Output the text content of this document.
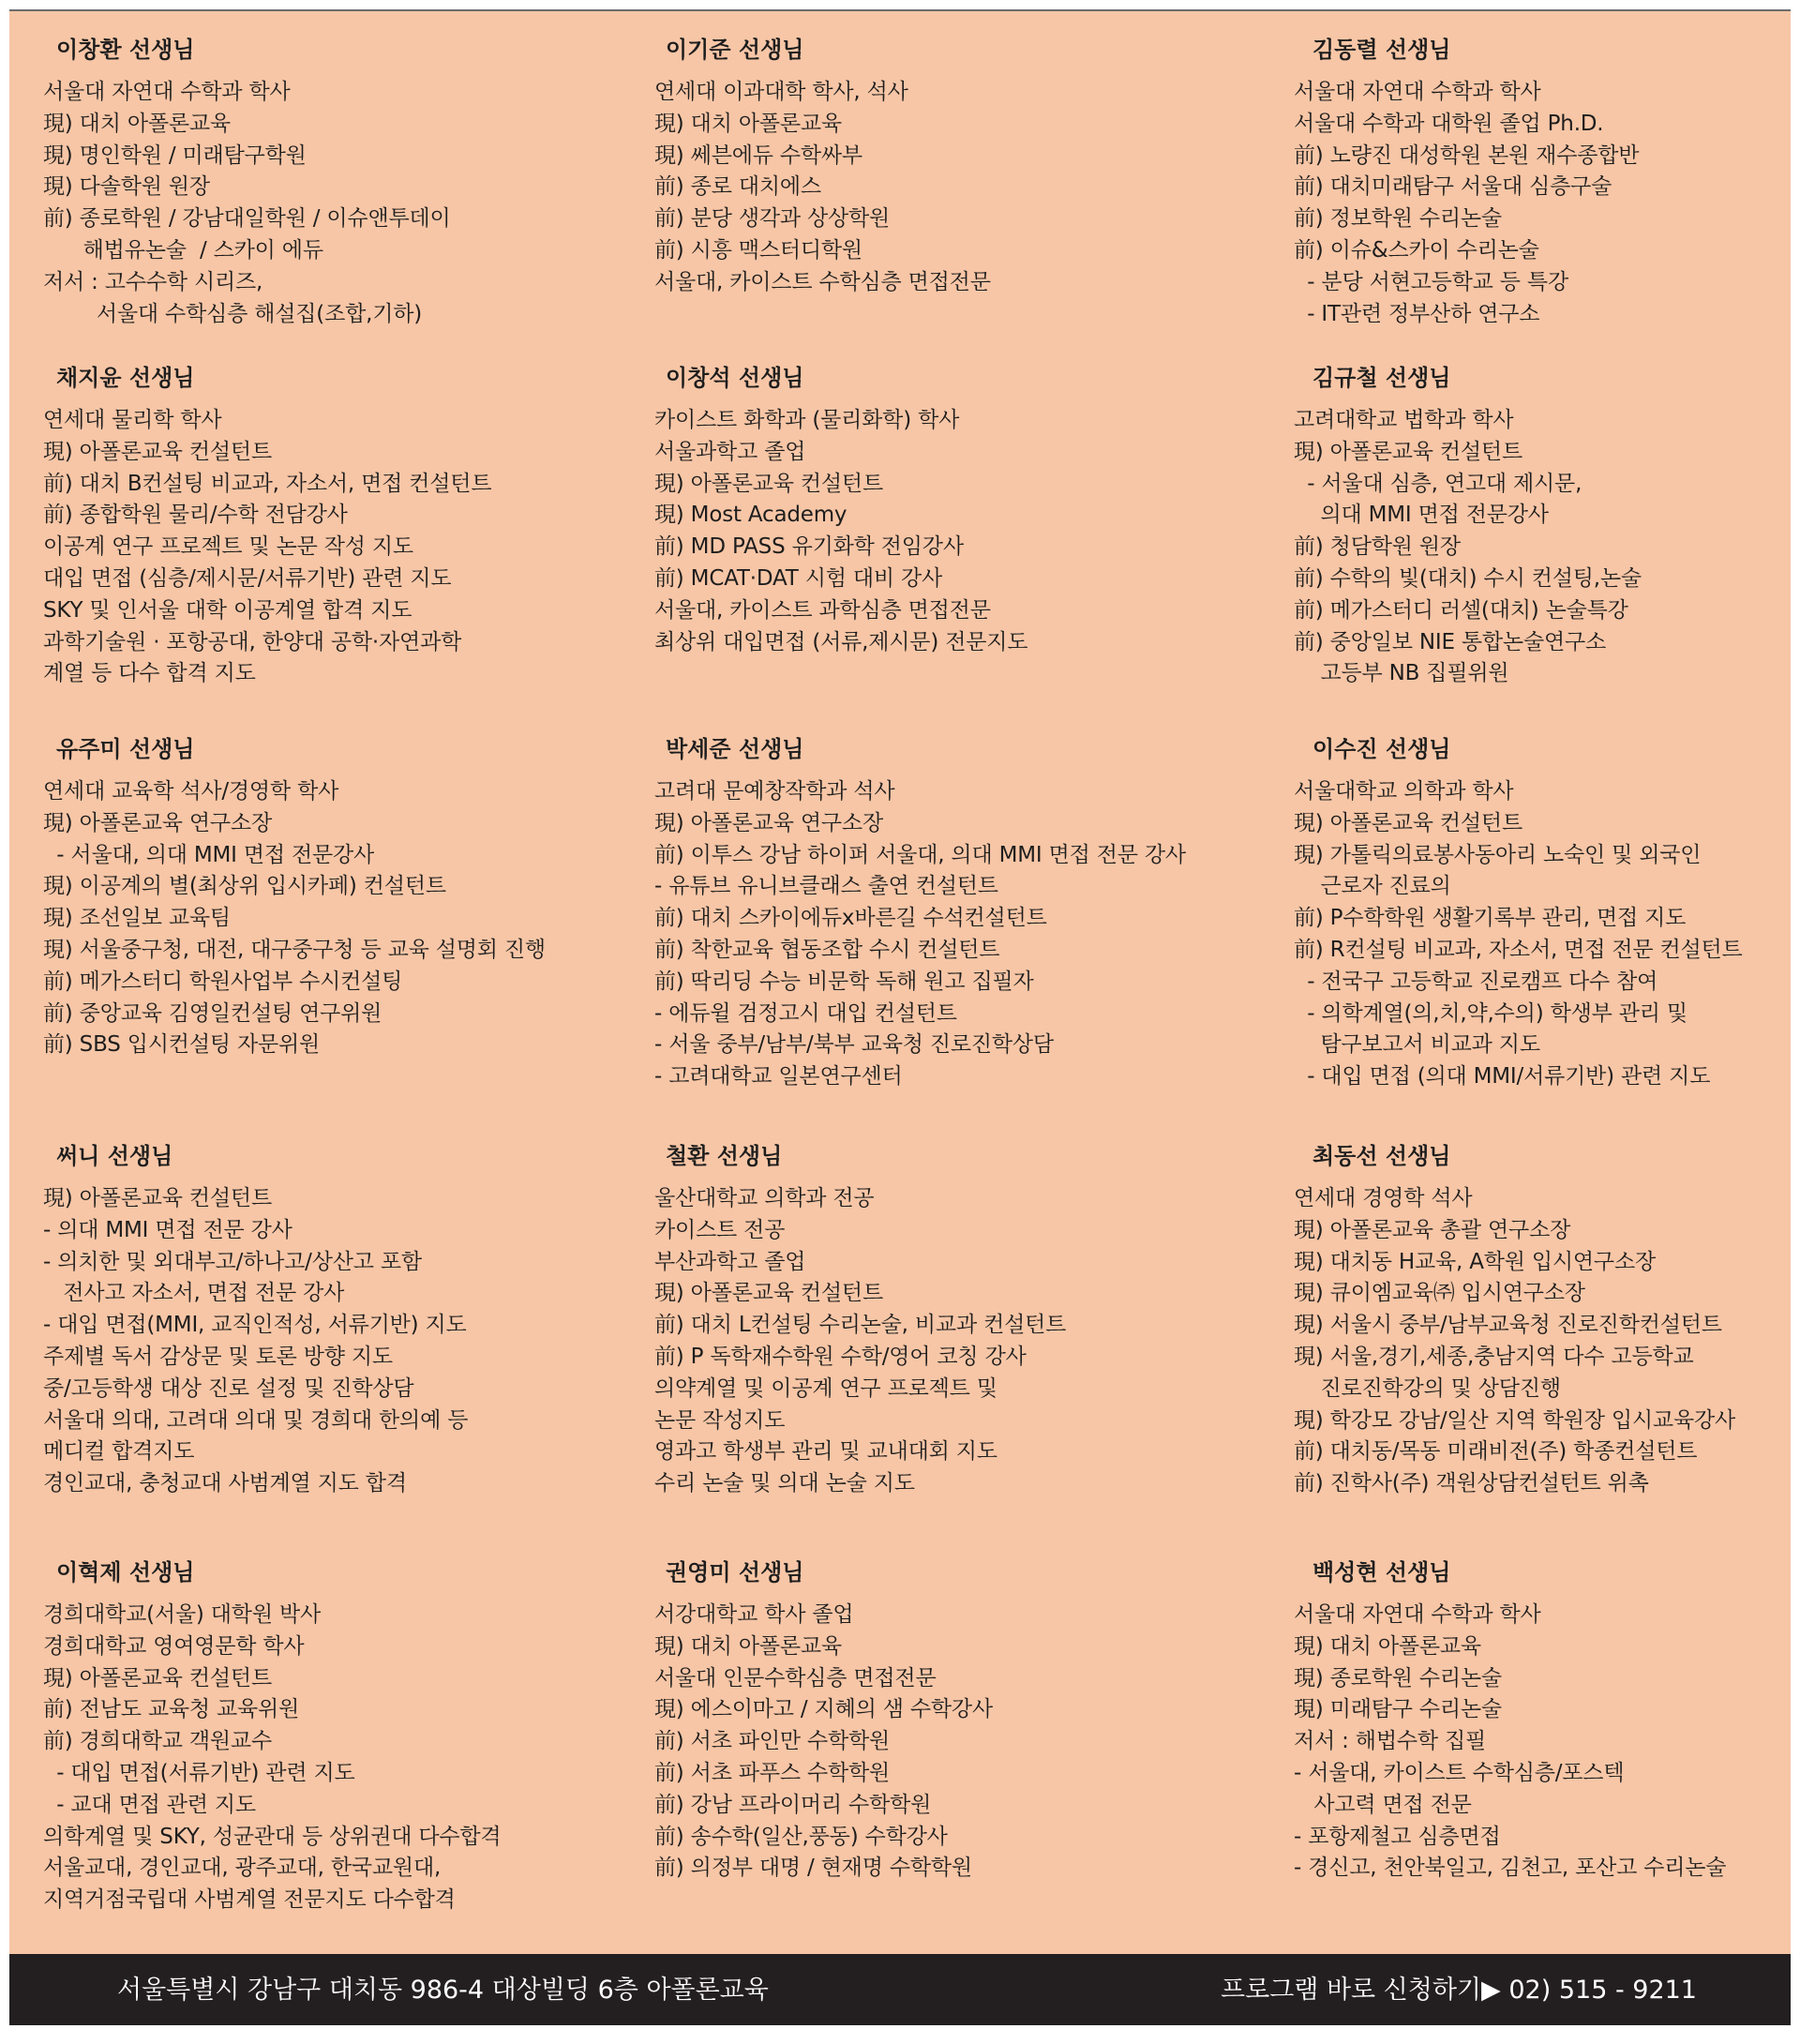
이창환 선생님
서울대 자연대 수학과 학사
現) 대치 아폴론교육
現) 명인학원 / 미래탐구학원
現) 다솔학원 원장
前) 종로학원 / 강남대일학원 / 이슈앤투데이
해법유논술  / 스카이 에듀
저서 : 고수수학 시리즈,
서울대 수학심층 해설집(조합,기하)
이기준 선생님
연세대 이과대학 학사, 석사
現) 대치 아폴론교육
現) 쎄븐에듀 수학싸부
前) 종로 대치에스
前) 분당 생각과 상상학원
前) 시흥 맥스터디학원
서울대, 카이스트 수학심층 면접전문
김동렬 선생님
서울대 자연대 수학과 학사
서울대 수학과 대학원 졸업 Ph.D.
前) 노량진 대성학원 본원 재수종합반
前) 대치미래탐구 서울대 심층구술
前) 정보학원 수리논술
前) 이슈&스카이 수리논술
- 분당 서현고등학교 등 특강
- IT관련 정부산하 연구소
채지윤 선생님
연세대 물리학 학사
現) 아폴론교육 컨설턴트
前) 대치 B컨설팅 비교과, 자소서, 면접 컨설턴트
前) 종합학원 물리/수학 전담강사
이공계 연구 프로젝트 및 논문 작성 지도
대입 면접 (심층/제시문/서류기반) 관련 지도
SKY 및 인서울 대학 이공계열 합격 지도
과학기술원 · 포항공대, 한양대 공학·자연과학
계열 등 다수 합격 지도
이창석 선생님
카이스트 화학과 (물리화학) 학사
서울과학고 졸업
現) 아폴론교육 컨설턴트
現) Most Academy
前) MD PASS 유기화학 전임강사
前) MCAT·DAT 시험 대비 강사
서울대, 카이스트 과학심층 면접전문
최상위 대입면접 (서류,제시문) 전문지도
김규철 선생님
고려대학교 법학과 학사
現) 아폴론교육 컨설턴트
- 서울대 심층, 연고대 제시문,
의대 MMI 면접 전문강사
前) 청담학원 원장
前) 수학의 빛(대치) 수시 컨설팅,논술
前) 메가스터디 러셀(대치) 논술특강
前) 중앙일보 NIE 통합논술연구소
고등부 NB 집필위원
유주미 선생님
연세대 교육학 석사/경영학 학사
現) 아폴론교육 연구소장
- 서울대, 의대 MMI 면접 전문강사
現) 이공계의 별(최상위 입시카페) 컨설턴트
現) 조선일보 교육팀
現) 서울중구청, 대전, 대구중구청 등 교육 설명회 진행
前) 메가스터디 학원사업부 수시컨설팅
前) 중앙교육 김영일컨설팅 연구위원
前) SBS 입시컨설팅 자문위원
박세준 선생님
고려대 문예창작학과 석사
現) 아폴론교육 연구소장
前) 이투스 강남 하이퍼 서울대, 의대 MMI 면접 전문 강사
- 유튜브 유니브클래스 출연 컨설턴트
前) 대치 스카이에듀x바른길 수석컨설턴트
前) 착한교육 협동조합 수시 컨설턴트
前) 딱리딩 수능 비문학 독해 원고 집필자
- 에듀윌 검정고시 대입 컨설턴트
- 서울 중부/남부/북부 교육청 진로진학상담
- 고려대학교 일본연구센터
이수진 선생님
서울대학교 의학과 학사
現) 아폴론교육 컨설턴트
現) 가톨릭의료봉사동아리 노숙인 및 외국인
근로자 진료의
前) P수학학원 생활기록부 관리, 면접 지도
前) R컨설팅 비교과, 자소서, 면접 전문 컨설턴트
- 전국구 고등학교 진로캠프 다수 참여
- 의학계열(의,치,약,수의) 학생부 관리 및
탐구보고서 비교과 지도
- 대입 면접 (의대 MMI/서류기반) 관련 지도
써니 선생님
現) 아폴론교육 컨설턴트
- 의대 MMI 면접 전문 강사
- 의치한 및 외대부고/하나고/상산고 포함
전사고 자소서, 면접 전문 강사
- 대입 면접(MMI, 교직인적성, 서류기반) 지도
주제별 독서 감상문 및 토론 방향 지도
중/고등학생 대상 진로 설정 및 진학상담
서울대 의대, 고려대 의대 및 경희대 한의예 등
메디컬 합격지도
경인교대, 충청교대 사범계열 지도 합격
철환 선생님
울산대학교 의학과 전공
카이스트 전공
부산과학고 졸업
現) 아폴론교육 컨설턴트
前) 대치 L컨설팅 수리논술, 비교과 컨설턴트
前) P 독학재수학원 수학/영어 코칭 강사
의약계열 및 이공계 연구 프로젝트 및
논문 작성지도
영과고 학생부 관리 및 교내대회 지도
수리 논술 및 의대 논술 지도
최동선 선생님
연세대 경영학 석사
現) 아폴론교육 총괄 연구소장
現) 대치동 H교육, A학원 입시연구소장
現) 큐이엠교육㈜ 입시연구소장
現) 서울시 중부/남부교육청 진로진학컨설턴트
現) 서울,경기,세종,충남지역 다수 고등학교
진로진학강의 및 상담진행
現) 학강모 강남/일산 지역 학원장 입시교육강사
前) 대치동/목동 미래비전(주) 학종컨설턴트
前) 진학사(주) 객원상담컨설턴트 위촉
이혁제 선생님
경희대학교(서울) 대학원 박사
경희대학교 영여영문학 학사
現) 아폴론교육 컨설턴트
前) 전남도 교육청 교육위원
前) 경희대학교 객원교수
- 대입 면접(서류기반) 관련 지도
- 교대 면접 관련 지도
의학계열 및 SKY, 성균관대 등 상위권대 다수합격
서울교대, 경인교대, 광주교대, 한국교원대,
지역거점국립대 사범계열 전문지도 다수합격
권영미 선생님
서강대학교 학사 졸업
現) 대치 아폴론교육
서울대 인문수학심층 면접전문
現) 에스이마고 / 지혜의 샘 수학강사
前) 서초 파인만 수학학원
前) 서초 파푸스 수학학원
前) 강남 프라이머리 수학학원
前) 송수학(일산,풍동) 수학강사
前) 의정부 대명 / 현재명 수학학원
백성현 선생님
서울대 자연대 수학과 학사
現) 대치 아폴론교육
現) 종로학원 수리논술
現) 미래탐구 수리논술
저서 : 해법수학 집필
- 서울대, 카이스트 수학심층/포스텍
사고력 면접 전문
- 포항제철고 심층면접
- 경신고, 천안북일고, 김천고, 포산고 수리논술
서울특별시 강남구 대치동 986-4 대상빌딩 6층 아폴론교육	프로그램 바로 신청하기▶ 02) 515 - 9211
